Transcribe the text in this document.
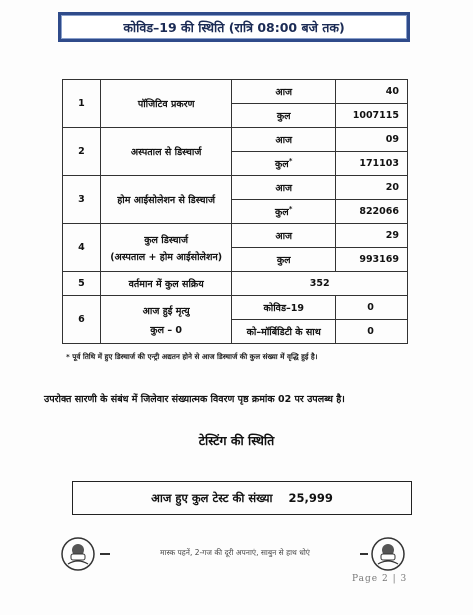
कोविड–19 की स्थिति (रात्रि 08:00 बजे तक)
1	पॉजिटिव प्रकरण	आज	40
		कुल	1007115
2	अस्पताल से डिस्चार्ज	आज	09
		कुल*	171103
3	होम आईसोलेशन से डिस्चार्ज	आज	20
		कुल*	822066
4	कुल डिस्चार्ज
(अस्पताल + होम आईसोलेशन)	आज	29
		कुल	993169
5	वर्तमान में कुल सक्रिय	352	
6	आज हुई मृत्यु
कुल – 0	कोविड–19	0
		को–मॉर्बिडिटी के साथ	0
* पूर्व तिथि में हुए डिस्चार्ज की एन्ट्री अद्यतन होने से आज डिस्चार्ज की कुल संख्या में वृद्धि हुई है।
उपरोक्त सारणी के संबंध में जिलेवार संख्यात्मक विवरण पृष्ठ क्रमांक 02 पर उपलब्ध है।
टेस्टिंग की स्थिति
आज हुए कुल टेस्ट की संख्या 25,999
मास्क पहनें, 2-गज की दूरी अपनाएं, साबुन से हाथ धोएं
Page 2 | 3
